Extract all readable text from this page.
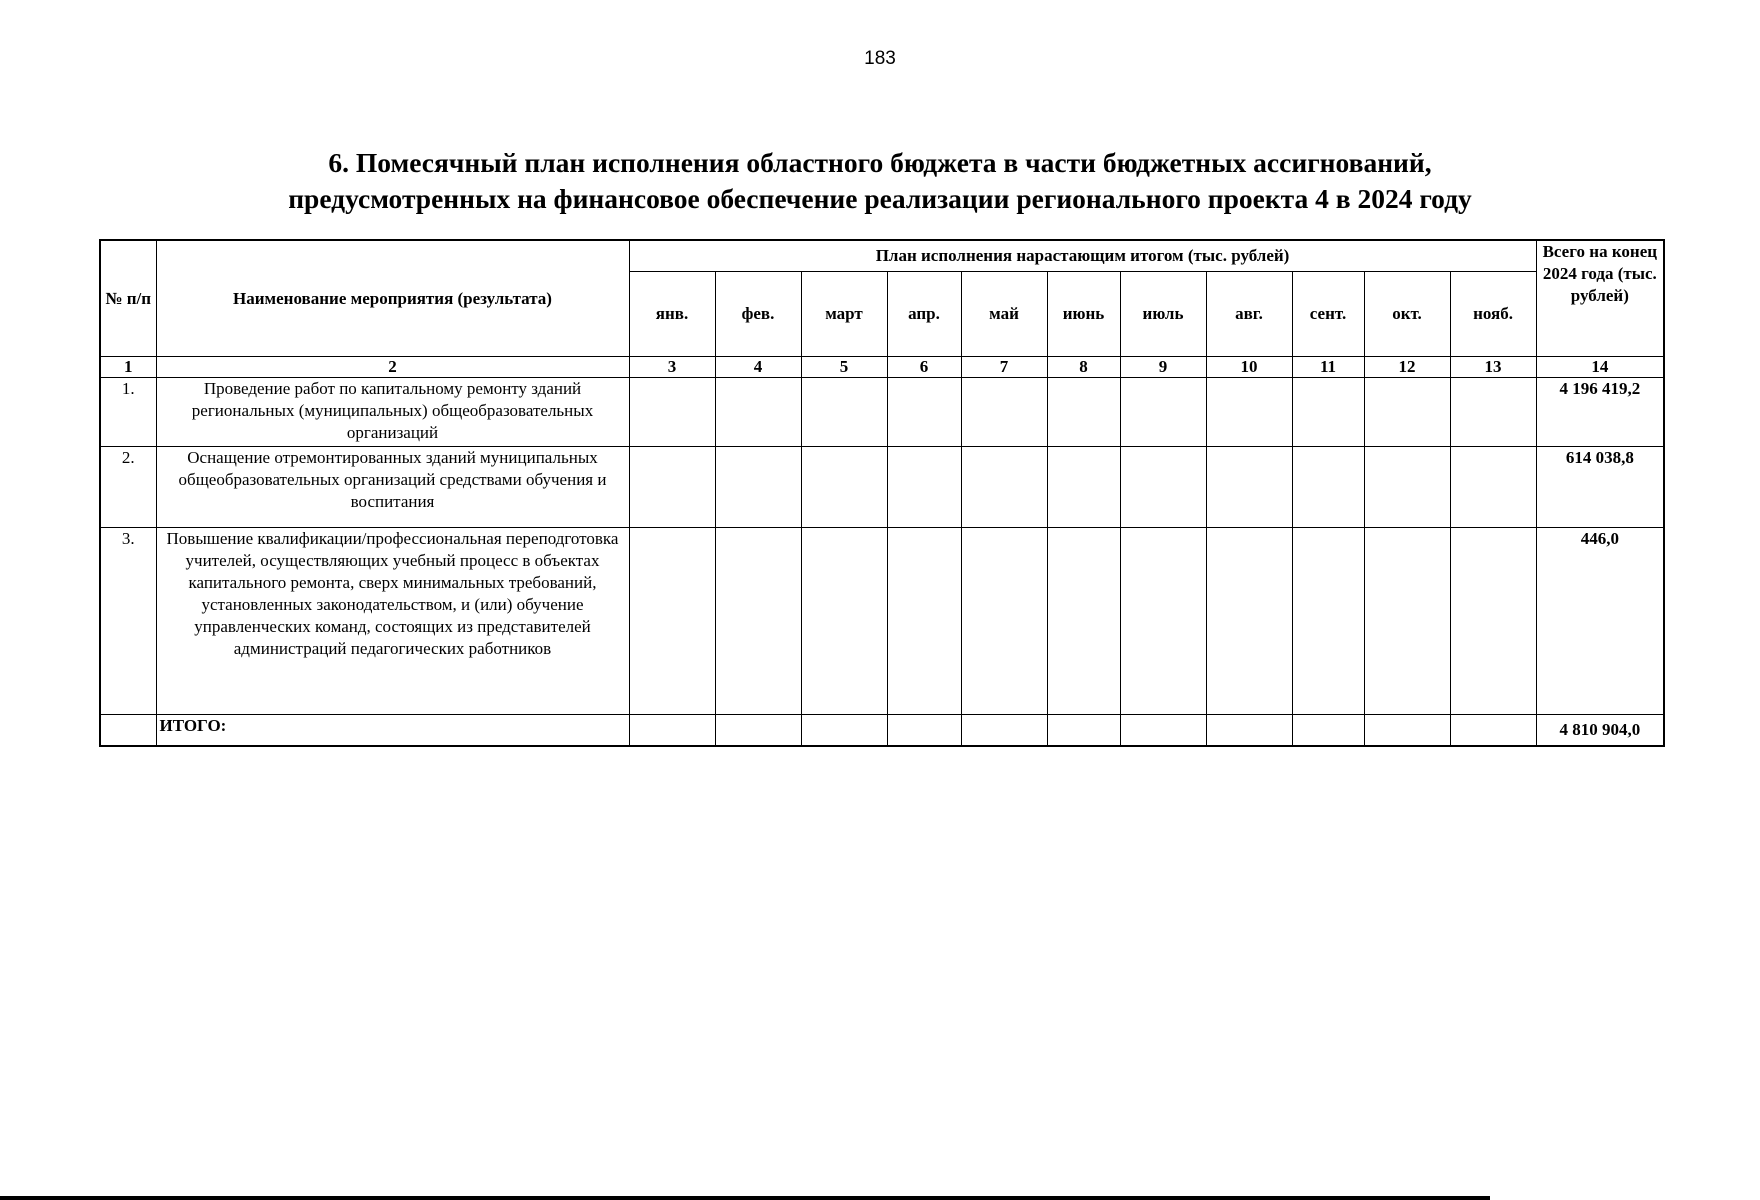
183
6. Помесячный план исполнения областного бюджета в части бюджетных ассигнований,
предусмотренных на финансовое обеспечение реализации регионального проекта 4 в 2024 году
№ п/п	Наименование мероприятия (результата)	План исполнения нарастающим итогом (тыс. рублей)											Всего на конец 2024 года (тыс. рублей)
		янв.	фев.	март	апр.	май	июнь	июль	авг.	сент.	окт.	нояб.	
1	2	3	4	5	6	7	8	9	10	11	12	13	14
1.	Проведение работ по капитальному ремонту зданий региональных (муниципальных) общеобразовательных организаций												4 196 419,2
2.	Оснащение отремонтированных зданий муниципальных общеобразовательных организаций средствами обучения и воспитания												614 038,8
3.	Повышение квалификации/профессиональная переподготовка учителей, осуществляющих учебный процесс в объектах капитального ремонта, сверх минимальных требований, установленных законодательством, и (или) обучение управленческих команд, состоящих из представителей администраций педагогических работников												446,0
	ИТОГО:												4 810 904,0
